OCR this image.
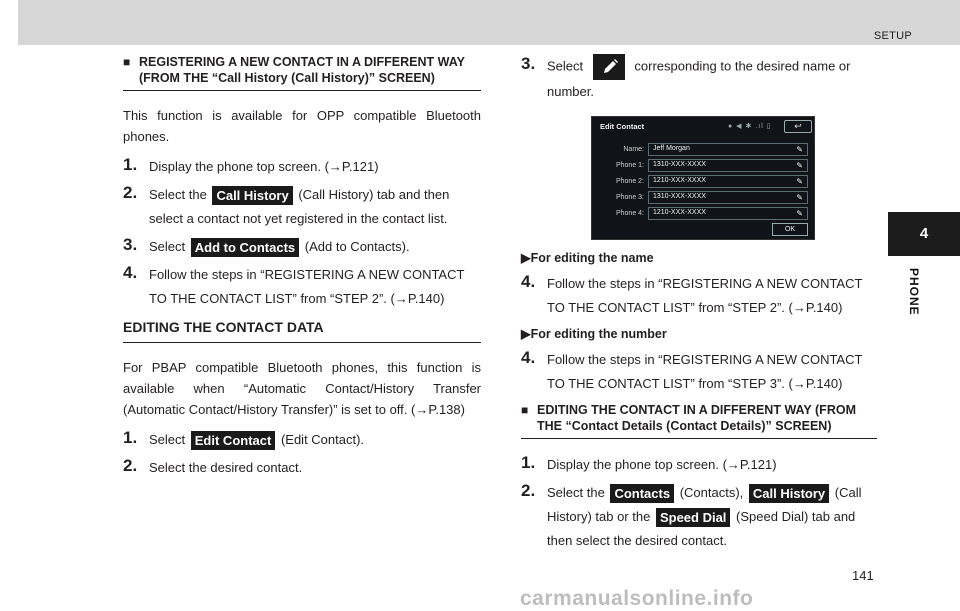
SETUP
4
PHONE
■ REGISTERING A NEW CONTACT IN A DIFFERENT WAY (FROM THE “Call History (Call History)” SCREEN)

This function is available for OPP compatible Bluetooth phones.

1. Display the phone top screen. (→P.121)
2. Select the Call History (Call History) tab and then select a contact not yet registered in the contact list.
3. Select Add to Contacts (Add to Contacts).
4. Follow the steps in “REGISTERING A NEW CONTACT TO THE CONTACT LIST” from “STEP 2”. (→P.140)
EDITING THE CONTACT DATA

For PBAP compatible Bluetooth phones, this function is available when “Automatic Contact/History Transfer (Automatic Contact/History Transfer)” is set to off. (→P.138)

1. Select Edit Contact (Edit Contact).
2. Select the desired contact.
3. Select	corresponding to the desired name or number.
Edit Contact	● ◀ ✱ .ıl ▯	↩
Name:	Jeff Morgan	✎
Phone 1:	1310-XXX-XXXX	✎
Phone 2:	1210-XXX-XXXX	✎
Phone 3:	1310-XXX-XXXX	✎
Phone 4:	1210-XXX-XXXX	✎
OK
▶For editing the name
4. Follow the steps in “REGISTERING A NEW CONTACT TO THE CONTACT LIST” from “STEP 2”. (→P.140)
▶For editing the number
4. Follow the steps in “REGISTERING A NEW CONTACT TO THE CONTACT LIST” from “STEP 3”. (→P.140)
■ EDITING THE CONTACT IN A DIFFERENT WAY (FROM THE “Contact Details (Contact Details)” SCREEN)
1. Display the phone top screen. (→P.121)
2. Select the Contacts (Contacts), Call History (Call History) tab or the Speed Dial (Speed Dial) tab and then select the desired contact.
141
carmanualsonline.info
